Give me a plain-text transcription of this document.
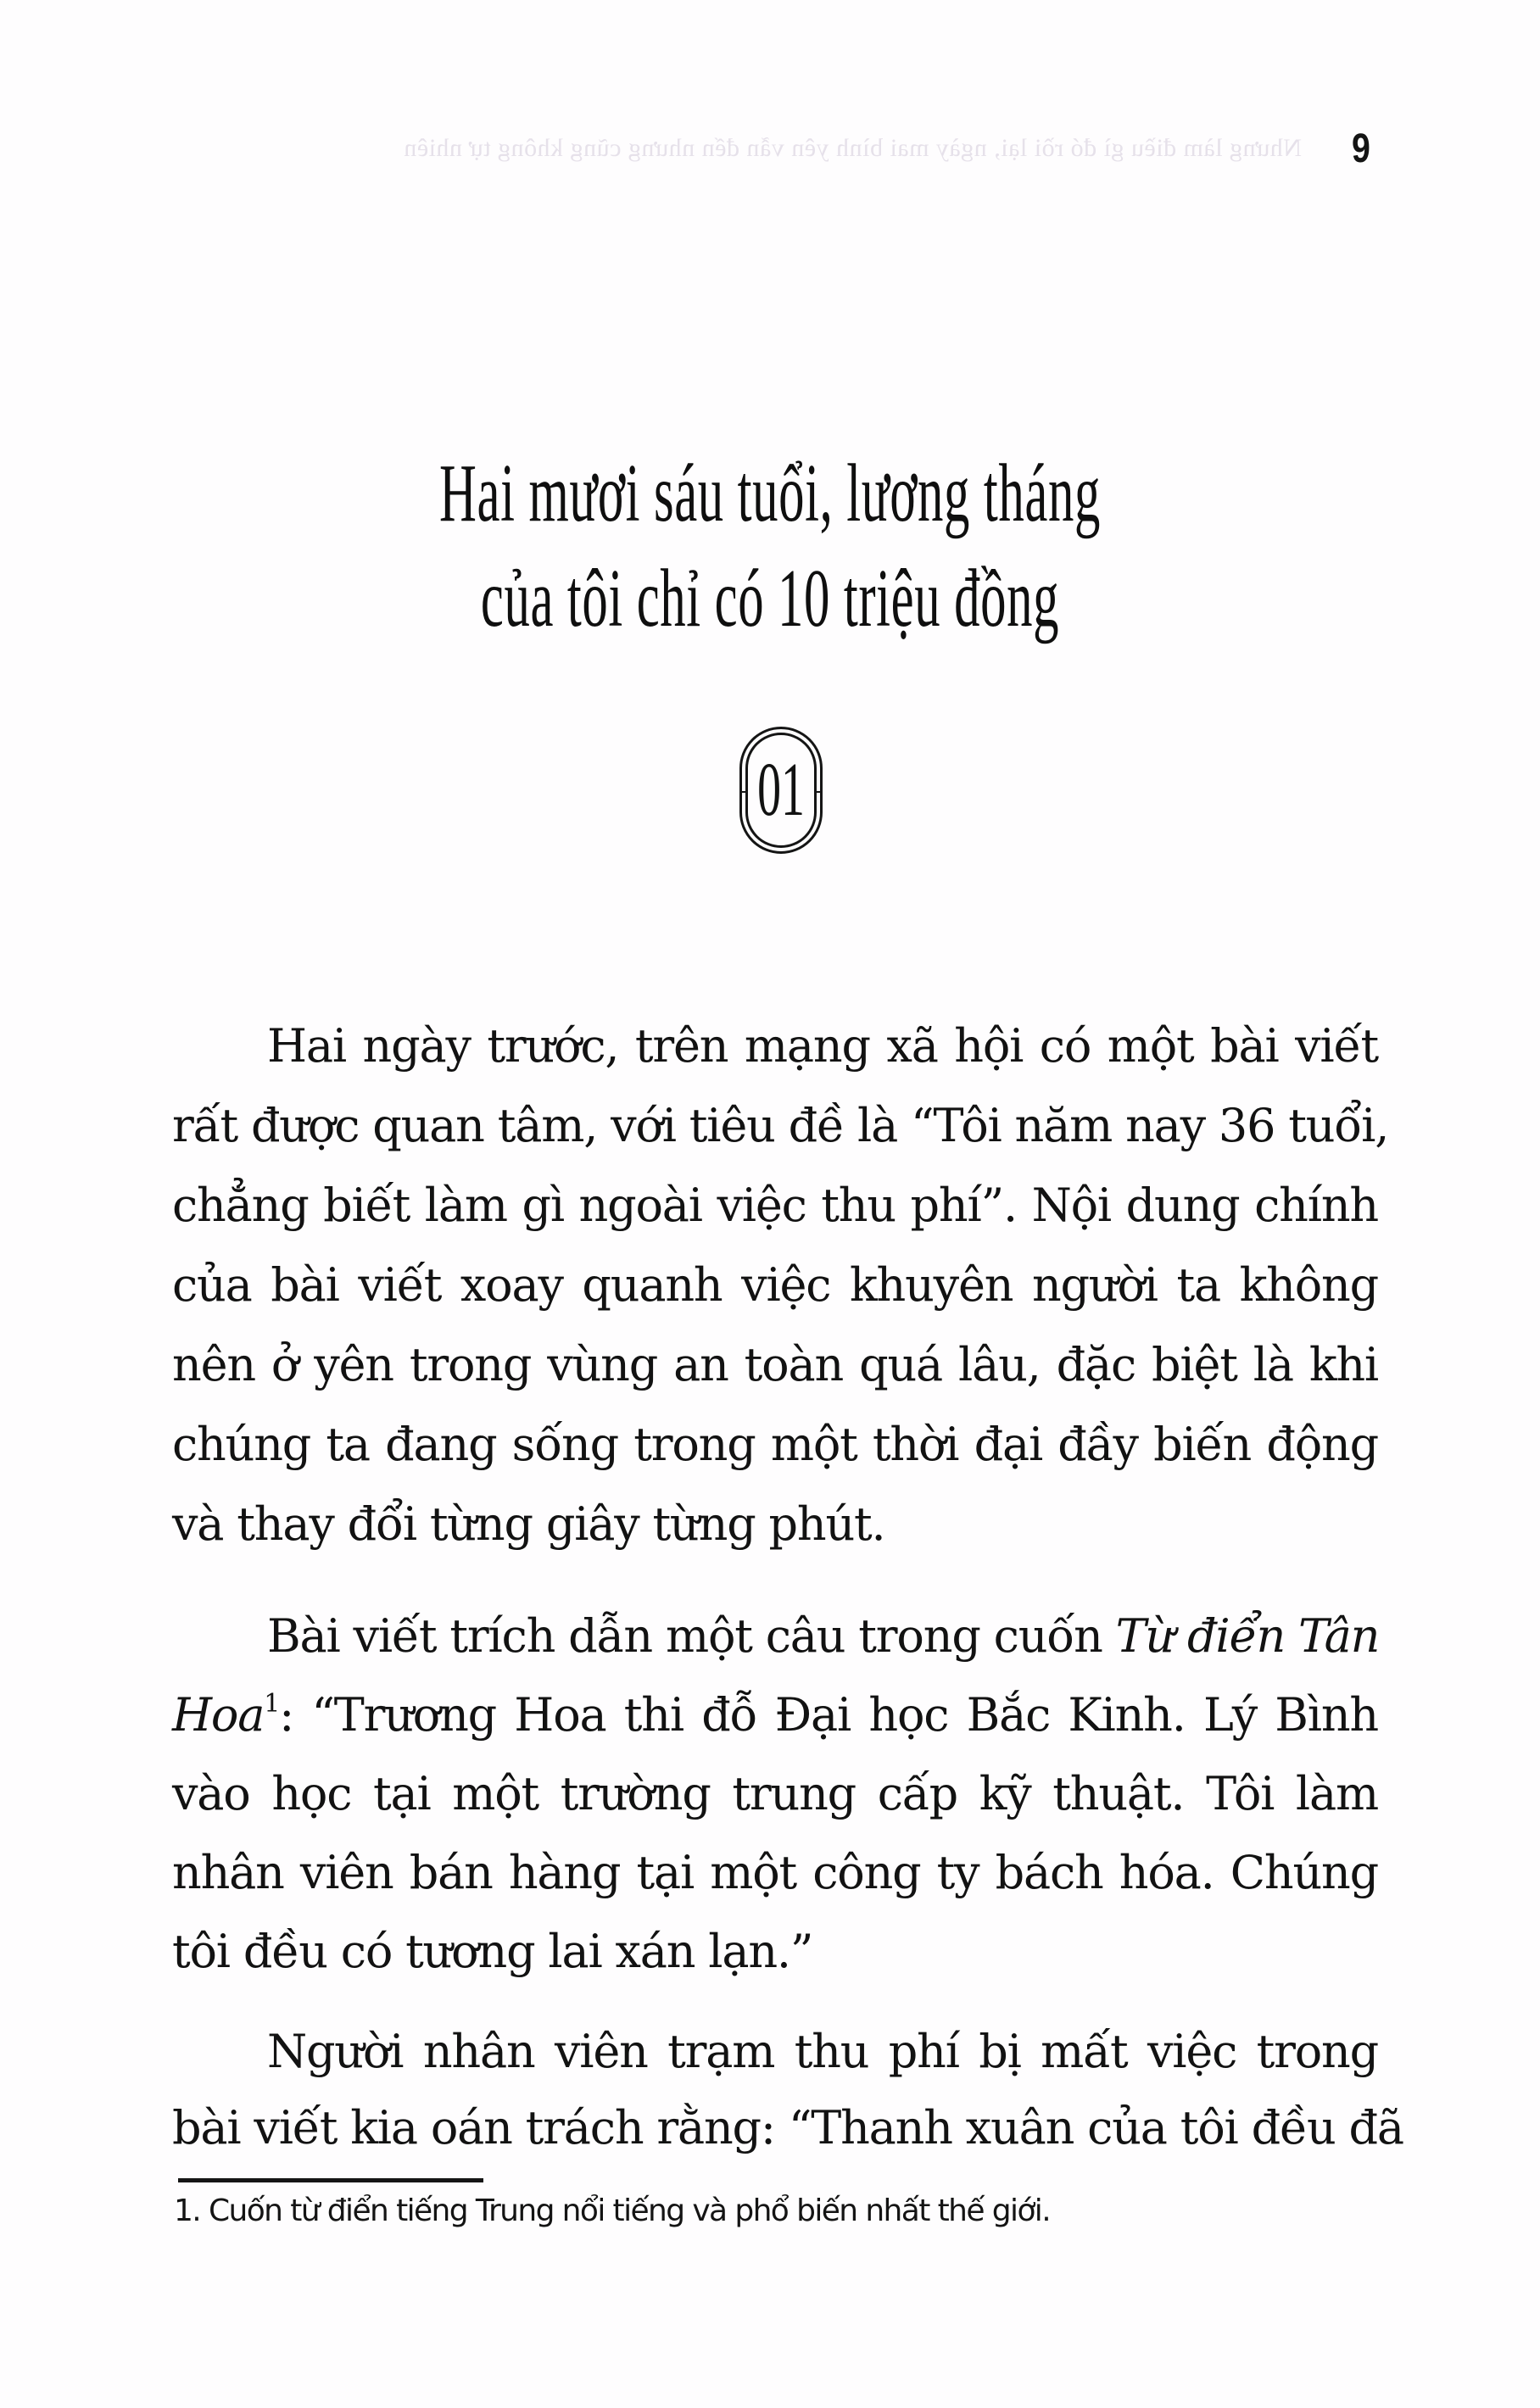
Nhưng làm điều gì đó rồi lại, ngày mai bình yên vẫn đến nhưng cũng không tự nhiên 9
Hai mươi sáu tuổi, lương tháng
của tôi chỉ có 10 triệu đồng
01
Hai ngày trước, trên mạng xã hội có một bài viết
rất được quan tâm, với tiêu đề là “Tôi năm nay 36 tuổi,
chẳng biết làm gì ngoài việc thu phí”. Nội dung chính
của bài viết xoay quanh việc khuyên người ta không
nên ở yên trong vùng an toàn quá lâu, đặc biệt là khi
chúng ta đang sống trong một thời đại đầy biến động
và thay đổi từng giây từng phút.
Bài viết trích dẫn một câu trong cuốn Từ điển Tân
Hoa$^1$: “Trương Hoa thi đỗ Đại học Bắc Kinh. Lý Bình
vào học tại một trường trung cấp kỹ thuật. Tôi làm
nhân viên bán hàng tại một công ty bách hóa. Chúng
tôi đều có tương lai xán lạn.”
Người nhân viên trạm thu phí bị mất việc trong
bài viết kia oán trách rằng: “Thanh xuân của tôi đều đã
1. Cuốn từ điển tiếng Trung nổi tiếng và phổ biến nhất thế giới.
